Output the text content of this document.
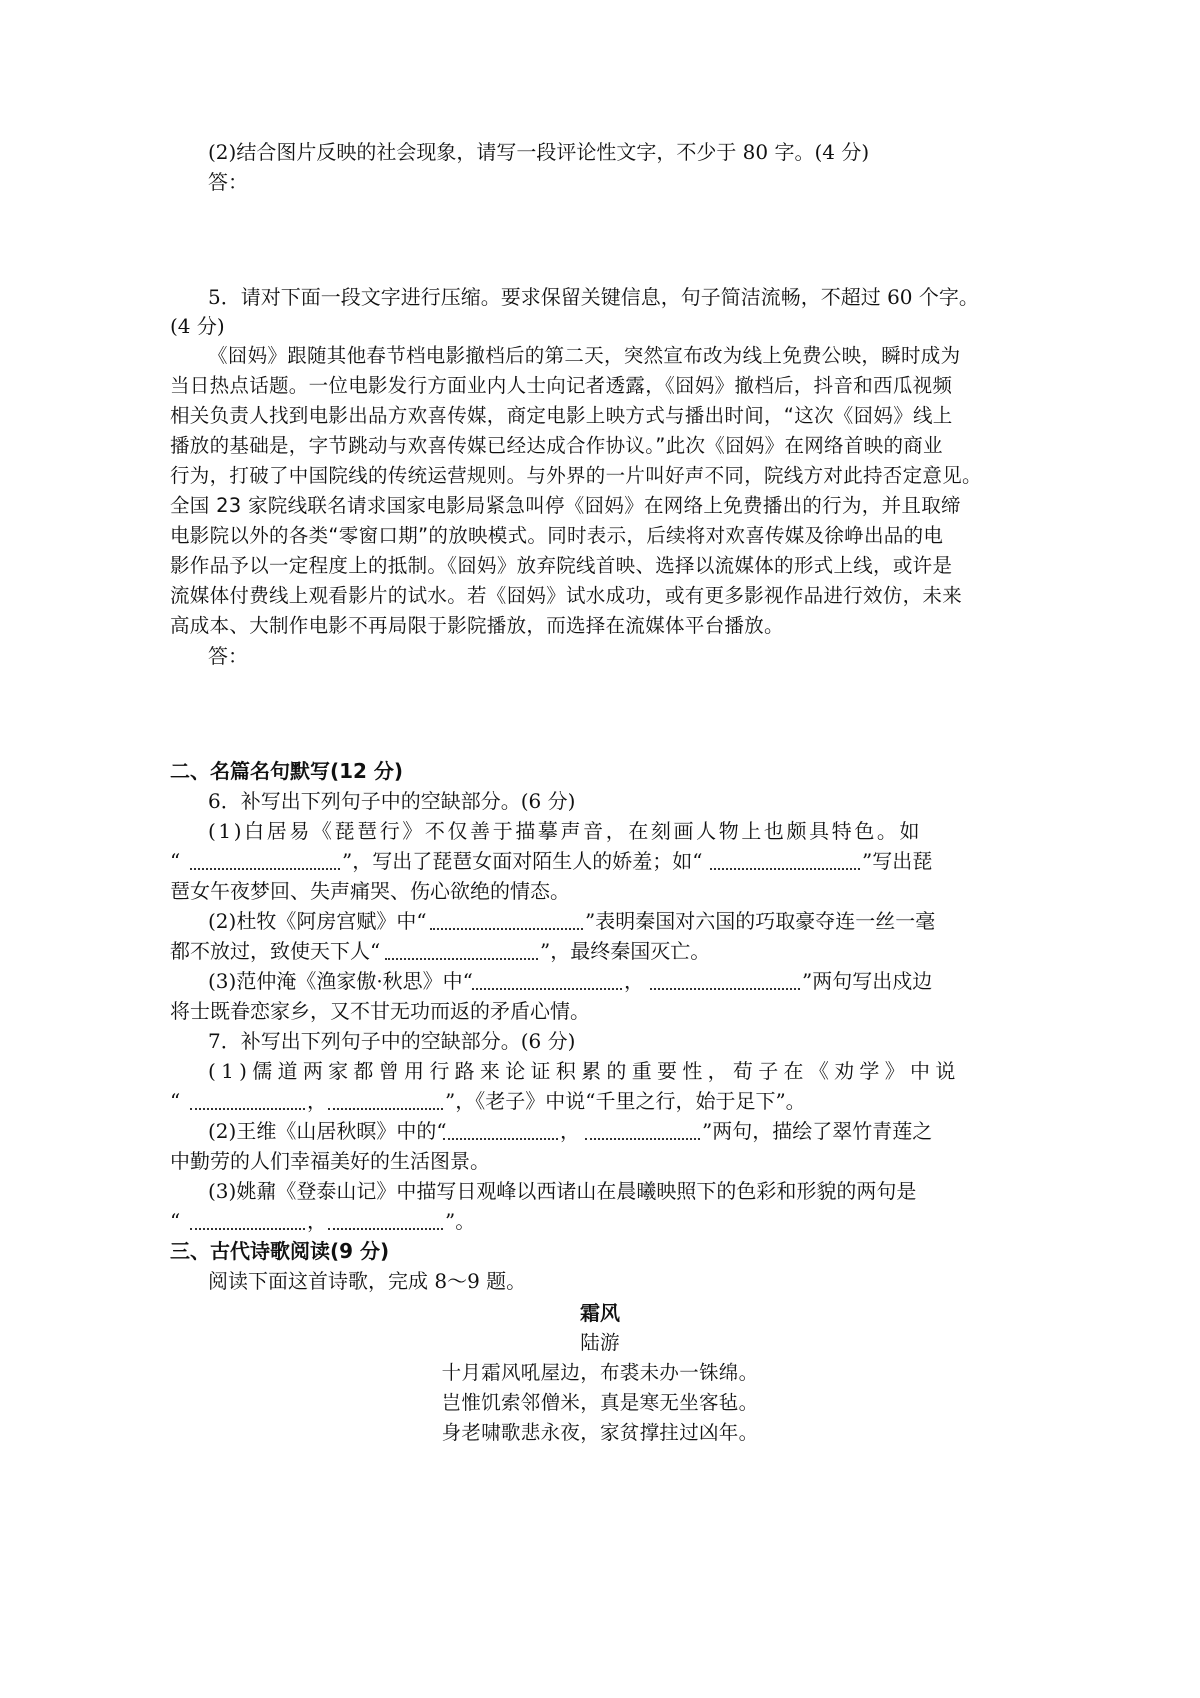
(2)结合图片反映的社会现象，请写一段评论性文字，不少于 80 字。(4 分)
答：
5．请对下面一段文字进行压缩。要求保留关键信息，句子简洁流畅，不超过 60 个字。
(4 分)
《囧妈》跟随其他春节档电影撤档后的第二天，突然宣布改为线上免费公映，瞬时成为
当日热点话题。一位电影发行方面业内人士向记者透露，《囧妈》撤档后，抖音和西瓜视频
相关负责人找到电影出品方欢喜传媒，商定电影上映方式与播出时间，“这次《囧妈》线上
播放的基础是，字节跳动与欢喜传媒已经达成合作协议。”此次《囧妈》在网络首映的商业
行为，打破了中国院线的传统运营规则。与外界的一片叫好声不同，院线方对此持否定意见。
全国 23 家院线联名请求国家电影局紧急叫停《囧妈》在网络上免费播出的行为，并且取缔
电影院以外的各类“零窗口期”的放映模式。同时表示，后续将对欢喜传媒及徐峥出品的电
影作品予以一定程度上的抵制。《囧妈》放弃院线首映、选择以流媒体的形式上线，或许是
流媒体付费线上观看影片的试水。若《囧妈》试水成功，或有更多影视作品进行效仿，未来
高成本、大制作电影不再局限于影院播放，而选择在流媒体平台播放。
答：
二、名篇名句默写(12 分)
6．补写出下列句子中的空缺部分。(6 分)
(1)白居易《琵琶行》不仅善于描摹声音，在刻画人物上也颇具特色。如
“	”，写出了琵琶女面对陌生人的娇羞；如“	”写出琵
琶女午夜梦回、失声痛哭、伤心欲绝的情态。
(2)杜牧《阿房宫赋》中“	”表明秦国对六国的巧取豪夺连一丝一毫
都不放过，致使天下人“	”，最终秦国灭亡。
(3)范仲淹《渔家傲·秋思》中“	，	”两句写出戍边
将士既眷恋家乡，又不甘无功而返的矛盾心情。
7．补写出下列句子中的空缺部分。(6 分)
(1)儒道两家都曾用行路来论证积累的重要性，荀子在《劝学》中说
“	，	”，《老子》中说“千里之行，始于足下”。
(2)王维《山居秋暝》中的“	，	”两句，描绘了翠竹青莲之
中勤劳的人们幸福美好的生活图景。
(3)姚鼐《登泰山记》中描写日观峰以西诸山在晨曦映照下的色彩和形貌的两句是
“	，	”。
三、古代诗歌阅读(9 分)
阅读下面这首诗歌，完成 8～9 题。
霜风
陆游
十月霜风吼屋边，布裘未办一铢绵。
岂惟饥索邻僧米，真是寒无坐客毡。
身老啸歌悲永夜，家贫撑拄过凶年。
